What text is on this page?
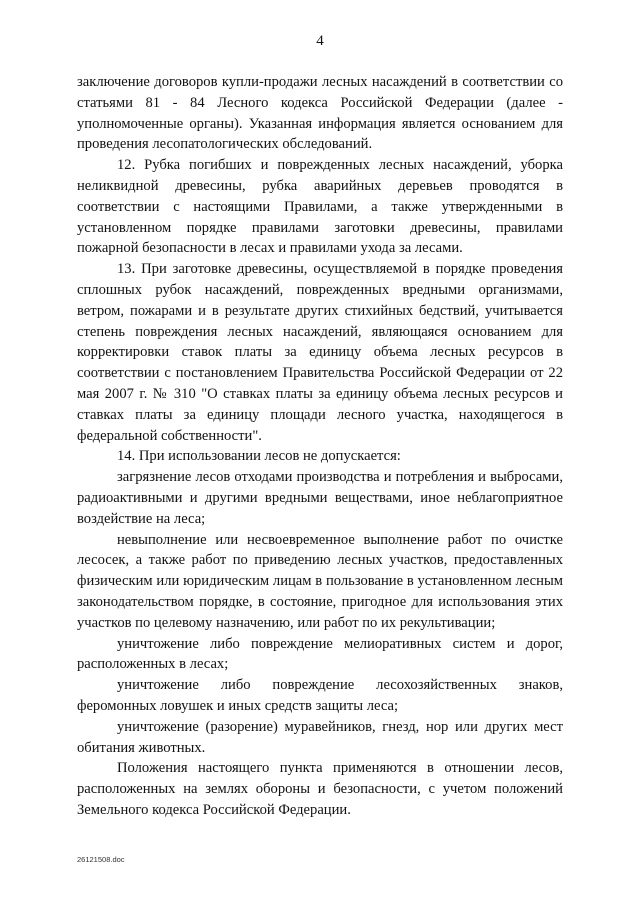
4

заключение договоров купли-продажи лесных насаждений в соответствии со статьями 81 - 84 Лесного кодекса Российской Федерации (далее - уполномоченные органы). Указанная информация является основанием для проведения лесопатологических обследований.

12. Рубка погибших и поврежденных лесных насаждений, уборка неликвидной древесины, рубка аварийных деревьев проводятся в соответствии с настоящими Правилами, а также утвержденными в установленном порядке правилами заготовки древесины, правилами пожарной безопасности в лесах и правилами ухода за лесами.

13. При заготовке древесины, осуществляемой в порядке проведения сплошных рубок насаждений, поврежденных вредными организмами, ветром, пожарами и в результате других стихийных бедствий, учитывается степень повреждения лесных насаждений, являющаяся основанием для корректировки ставок платы за единицу объема лесных ресурсов в соответствии с постановлением Правительства Российской Федерации от 22 мая 2007 г. № 310 "О ставках платы за единицу объема лесных ресурсов и ставках платы за единицу площади лесного участка, находящегося в федеральной собственности".

14. При использовании лесов не допускается:

загрязнение лесов отходами производства и потребления и выбросами, радиоактивными и другими вредными веществами, иное неблагоприятное воздействие на леса;

невыполнение или несвоевременное выполнение работ по очистке лесосек, а также работ по приведению лесных участков, предоставленных физическим или юридическим лицам в пользование в установленном лесным законодательством порядке, в состояние, пригодное для использования этих участков по целевому назначению, или работ по их рекультивации;

уничтожение либо повреждение мелиоративных систем и дорог, расположенных в лесах;

уничтожение либо повреждение лесохозяйственных знаков, феромонных ловушек и иных средств защиты леса;

уничтожение (разорение) муравейников, гнезд, нор или других мест обитания животных.

Положения настоящего пункта применяются в отношении лесов, расположенных на землях обороны и безопасности, с учетом положений Земельного кодекса Российской Федерации.

26121508.doc
